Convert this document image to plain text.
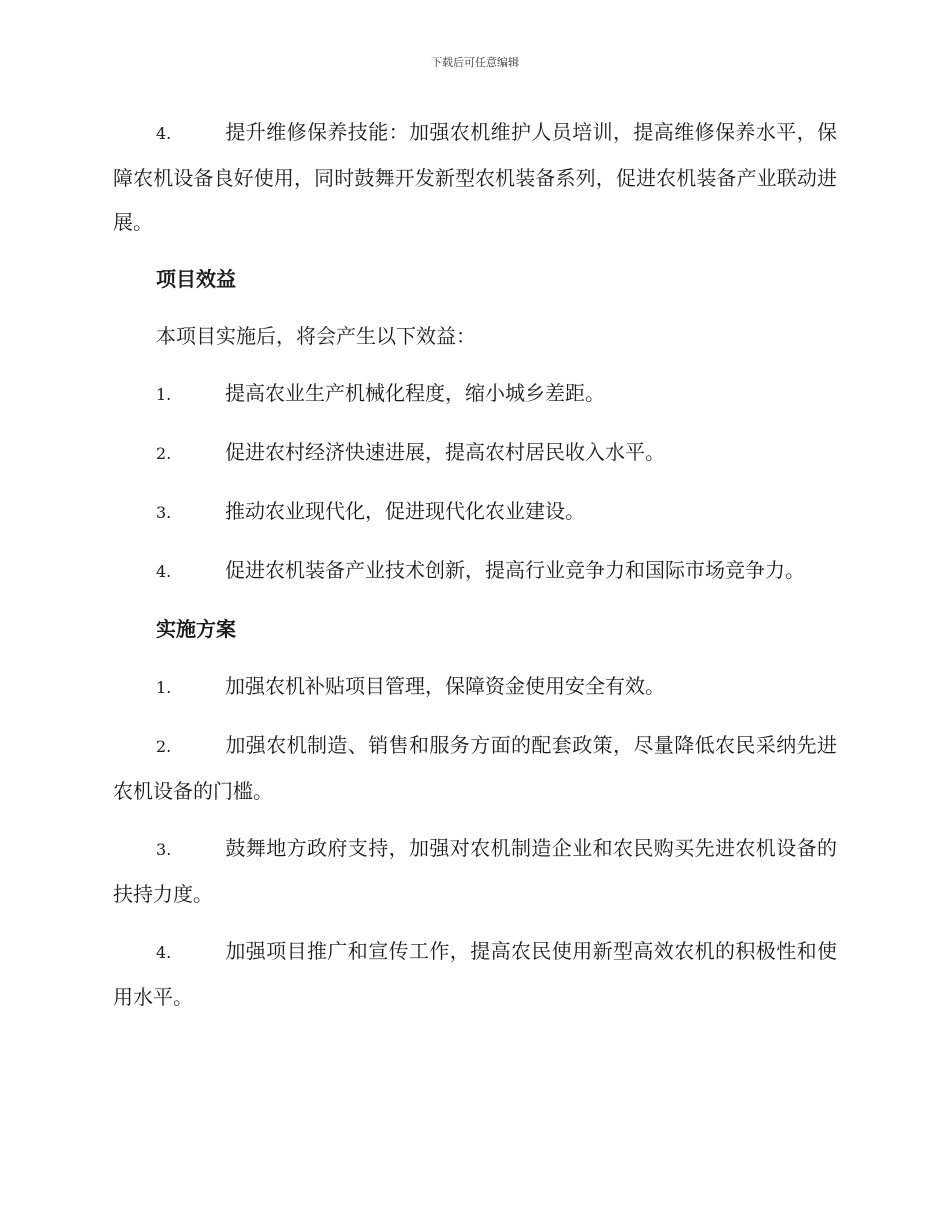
下载后可任意编辑

4.	提升维修保养技能：加强农机维护人员培训，提高维修保养水平，保障农机设备良好使用，同时鼓舞开发新型农机装备系列，促进农机装备产业联动进展。

项目效益

本项目实施后，将会产生以下效益：

1.	提高农业生产机械化程度，缩小城乡差距。

2.	促进农村经济快速进展，提高农村居民收入水平。

3.	推动农业现代化，促进现代化农业建设。

4.	促进农机装备产业技术创新，提高行业竞争力和国际市场竞争力。

实施方案

1.	加强农机补贴项目管理，保障资金使用安全有效。

2.	加强农机制造、销售和服务方面的配套政策，尽量降低农民采纳先进农机设备的门槛。

3.	鼓舞地方政府支持，加强对农机制造企业和农民购买先进农机设备的扶持力度。

4.	加强项目推广和宣传工作，提高农民使用新型高效农机的积极性和使用水平。
